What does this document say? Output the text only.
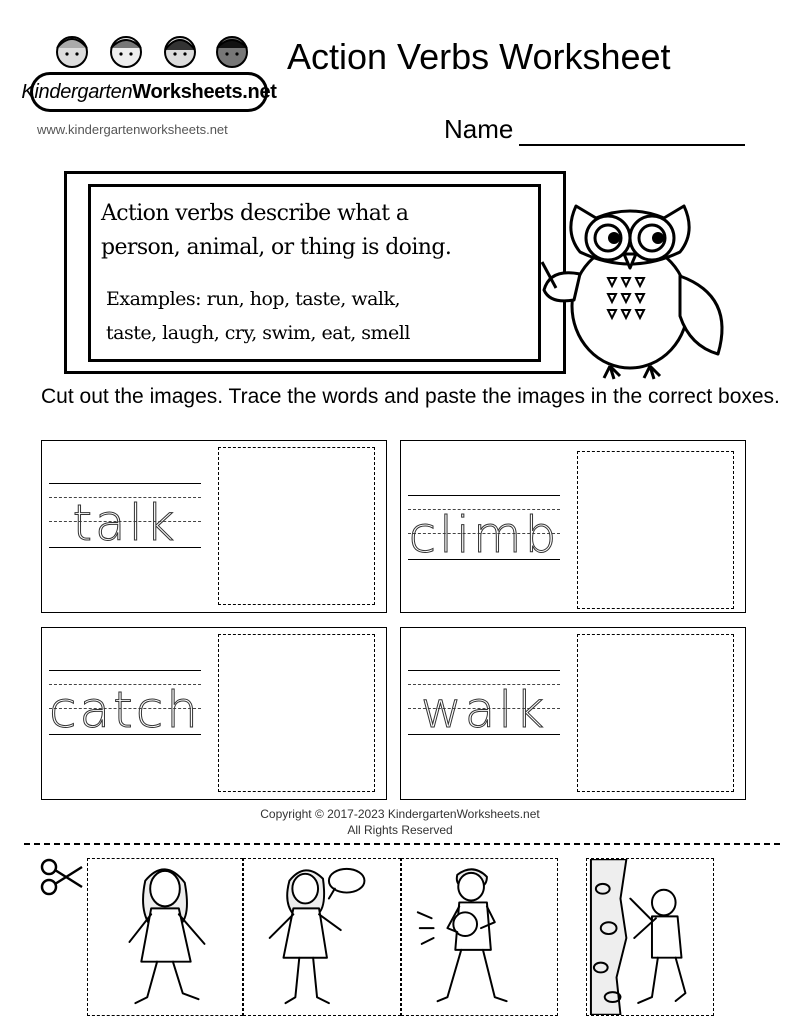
Kindergarten Worksheets.net
www.kindergartenworksheets.net
Action Verbs Worksheet
Name
Action verbs describe what a
person, animal, or thing is doing.
Examples: run, hop, taste, walk,
taste, laugh, cry, swim, eat, smell
Cut out the images. Trace the words and paste the images in the correct boxes.
talk	climb
catch	walk
Copyright © 2017-2023 KindergartenWorksheets.net
All Rights Reserved
